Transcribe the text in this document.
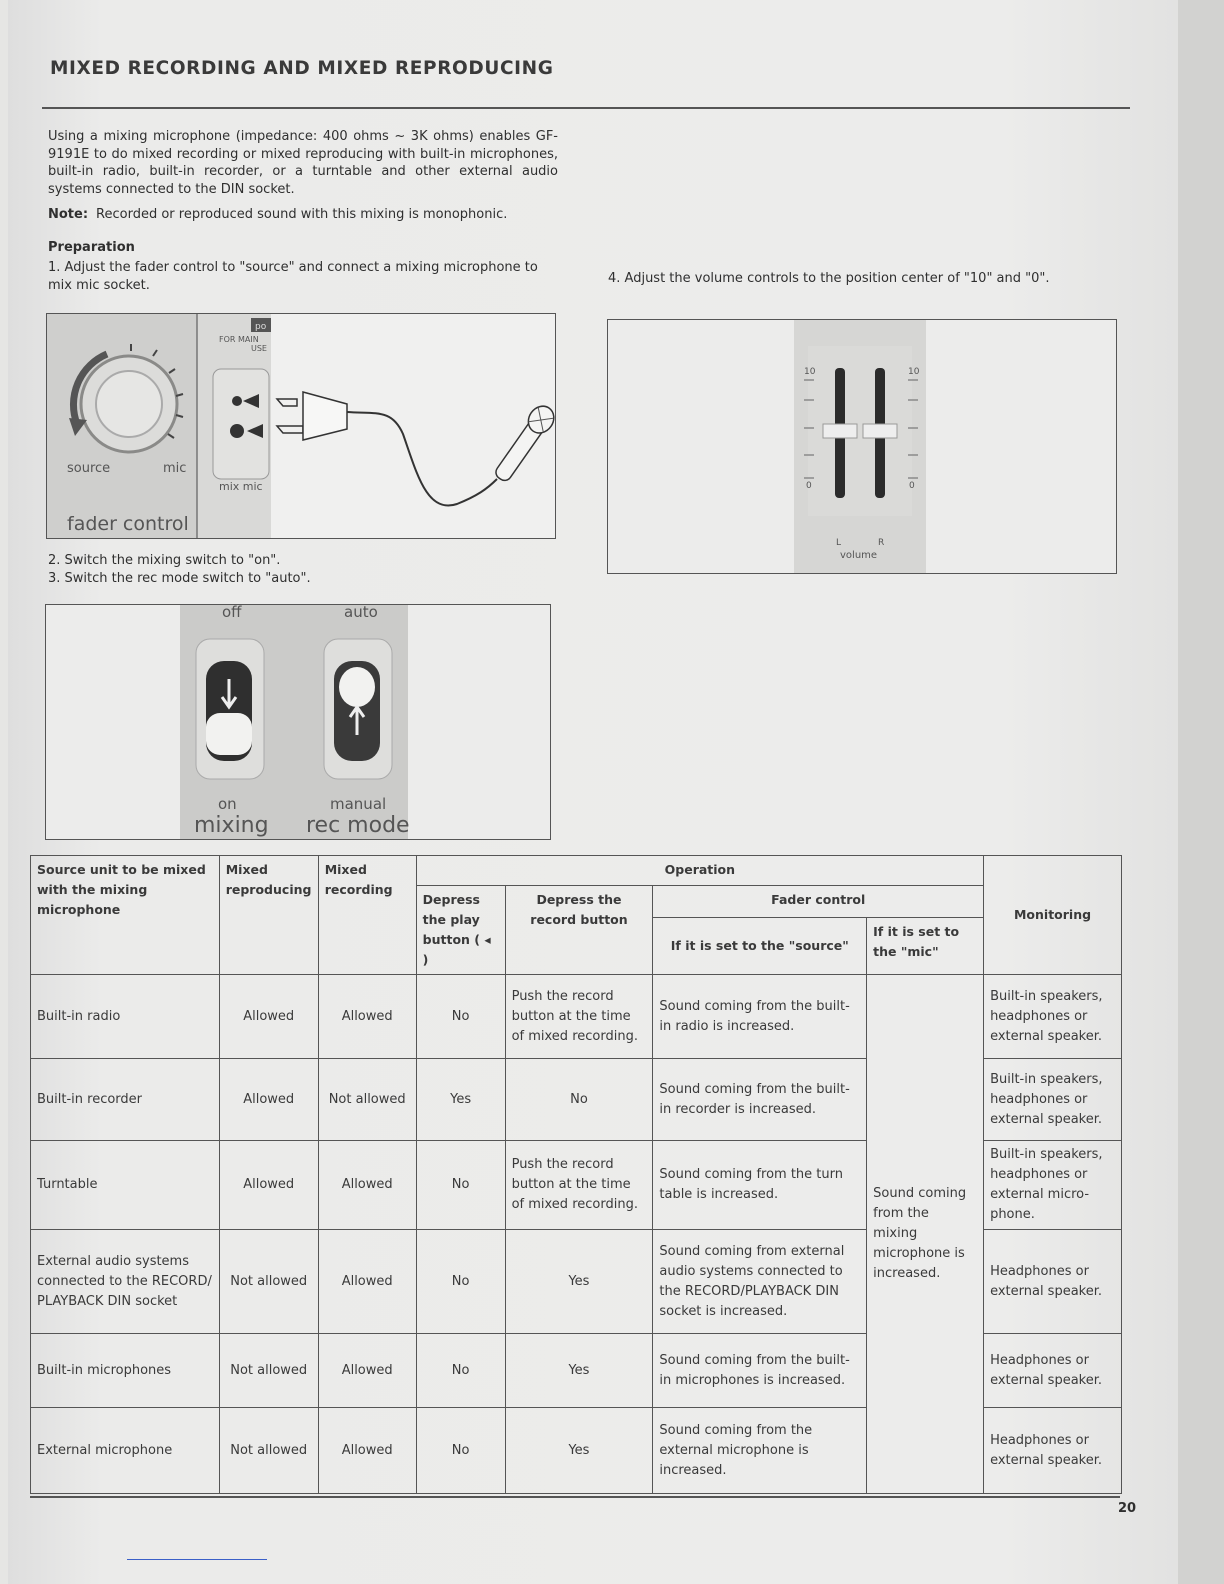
MIXED RECORDING AND MIXED REPRODUCING
Using a mixing microphone (impedance: 400 ohms ~ 3K ohms) enables GF-9191E to do mixed recording or mixed reproducing with built-in microphones, built-in radio, built-in recorder, or a turntable and other external audio systems connected to the DIN socket.
Note: Recorded or reproduced sound with this mixing is monophonic.
Preparation
1. Adjust the fader control to "source" and connect a mixing microphone to mix mic socket.	4. Adjust the volume controls to the position center of "10" and "0".
2. Switch the mixing switch to "on".
3. Switch the rec mode switch to "auto".
source	mic
fader control
po
FOR MAIN
USE
mix mic
10	10
0	0
L	R
volume
off	auto
on	manual
mixing rec mode
Source unit to be mixed with the mixing microphone	Mixed reproducing	Mixed recording	Operation				Monitoring
			Depress the play button ( ◂ )	Depress the record button	Fader control		
					If it is set to the "source"	If it is set to the "mic"	
Built-in radio	Allowed	Allowed	No	Push the record button at the time of mixed recording.	Sound coming from the built-in radio is increased.	Sound coming from the mixing microphone is increased.	Built-in speakers, headphones or external speaker.
Built-in recorder	Allowed	Not allowed	Yes	No	Sound coming from the built-in recorder is increased.		Built-in speakers, headphones or external speaker.
Turntable	Allowed	Allowed	No	Push the record button at the time of mixed recording.	Sound coming from the turn table is increased.		Built-in speakers, headphones or external micro-phone.
External audio systems connected to the RECORD/ PLAYBACK DIN socket	Not allowed	Allowed	No	Yes	Sound coming from external audio systems connected to the RECORD/PLAYBACK DIN socket is increased.		Headphones or external speaker.
Built-in microphones	Not allowed	Allowed	No	Yes	Sound coming from the built-in microphones is increased.		Headphones or external speaker.
External microphone	Not allowed	Allowed	No	Yes	Sound coming from the external microphone is increased.		Headphones or external speaker.
20
